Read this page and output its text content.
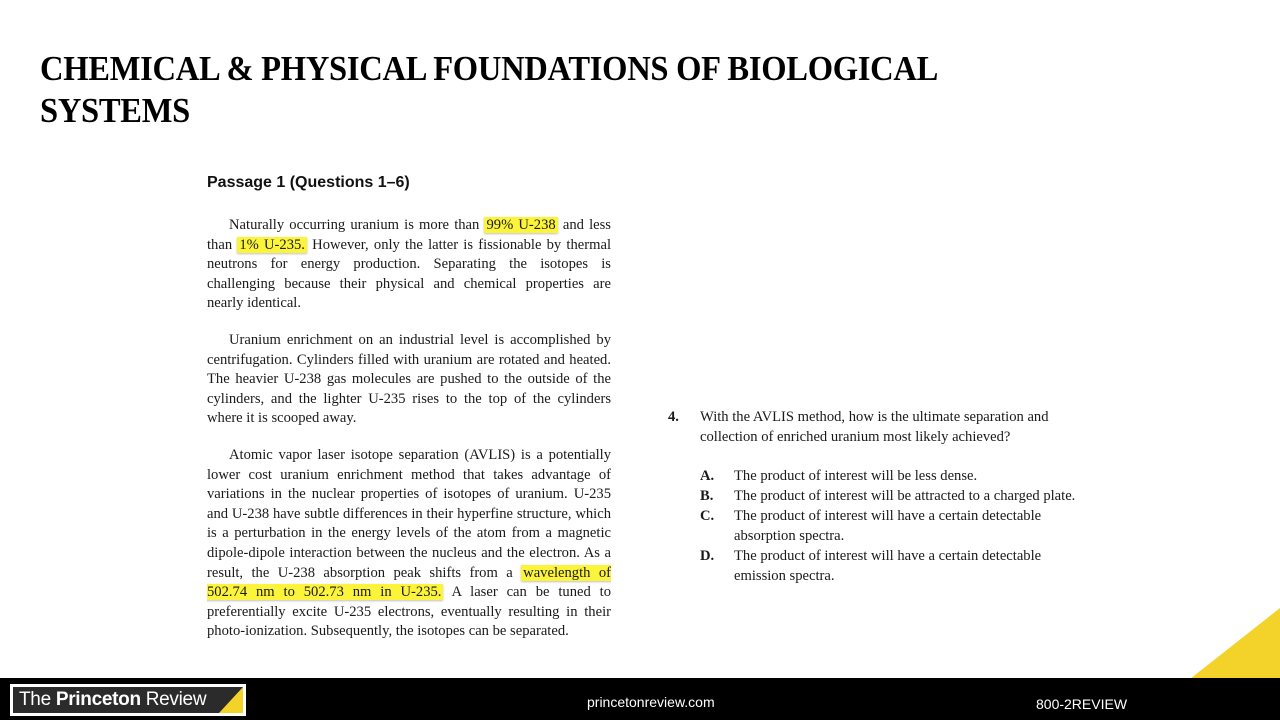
CHEMICAL & PHYSICAL FOUNDATIONS OF BIOLOGICAL SYSTEMS
Passage 1 (Questions 1–6)

Naturally occurring uranium is more than 99% U-238 and less than 1% U-235. However, only the latter is fissionable by thermal neutrons for energy production. Separating the isotopes is challenging because their physical and chemical properties are nearly identical.

Uranium enrichment on an industrial level is accomplished by centrifugation. Cylinders filled with uranium are rotated and heated. The heavier U-238 gas molecules are pushed to the outside of the cylinders, and the lighter U-235 rises to the top of the cylinders where it is scooped away.

Atomic vapor laser isotope separation (AVLIS) is a potentially lower cost uranium enrichment method that takes advantage of variations in the nuclear properties of isotopes of uranium. U-235 and U-238 have subtle differences in their hyperfine structure, which is a perturbation in the energy levels of the atom from a magnetic dipole-dipole interaction between the nucleus and the electron. As a result, the U-238 absorption peak shifts from a wavelength of 502.74 nm to 502.73 nm in U-235. A laser can be tuned to preferentially excite U-235 electrons, eventually resulting in their photo-ionization. Subsequently, the isotopes can be separated.

4.	With the AVLIS method, how is the ultimate separation and collection of enriched uranium most likely achieved?
A.	The product of interest will be less dense.
B.	The product of interest will be attracted to a charged plate.
C.	The product of interest will have a certain detectable absorption spectra.
D.	The product of interest will have a certain detectable emission spectra.
The Princeton Review	princetonreview.com	800-2REVIEW
